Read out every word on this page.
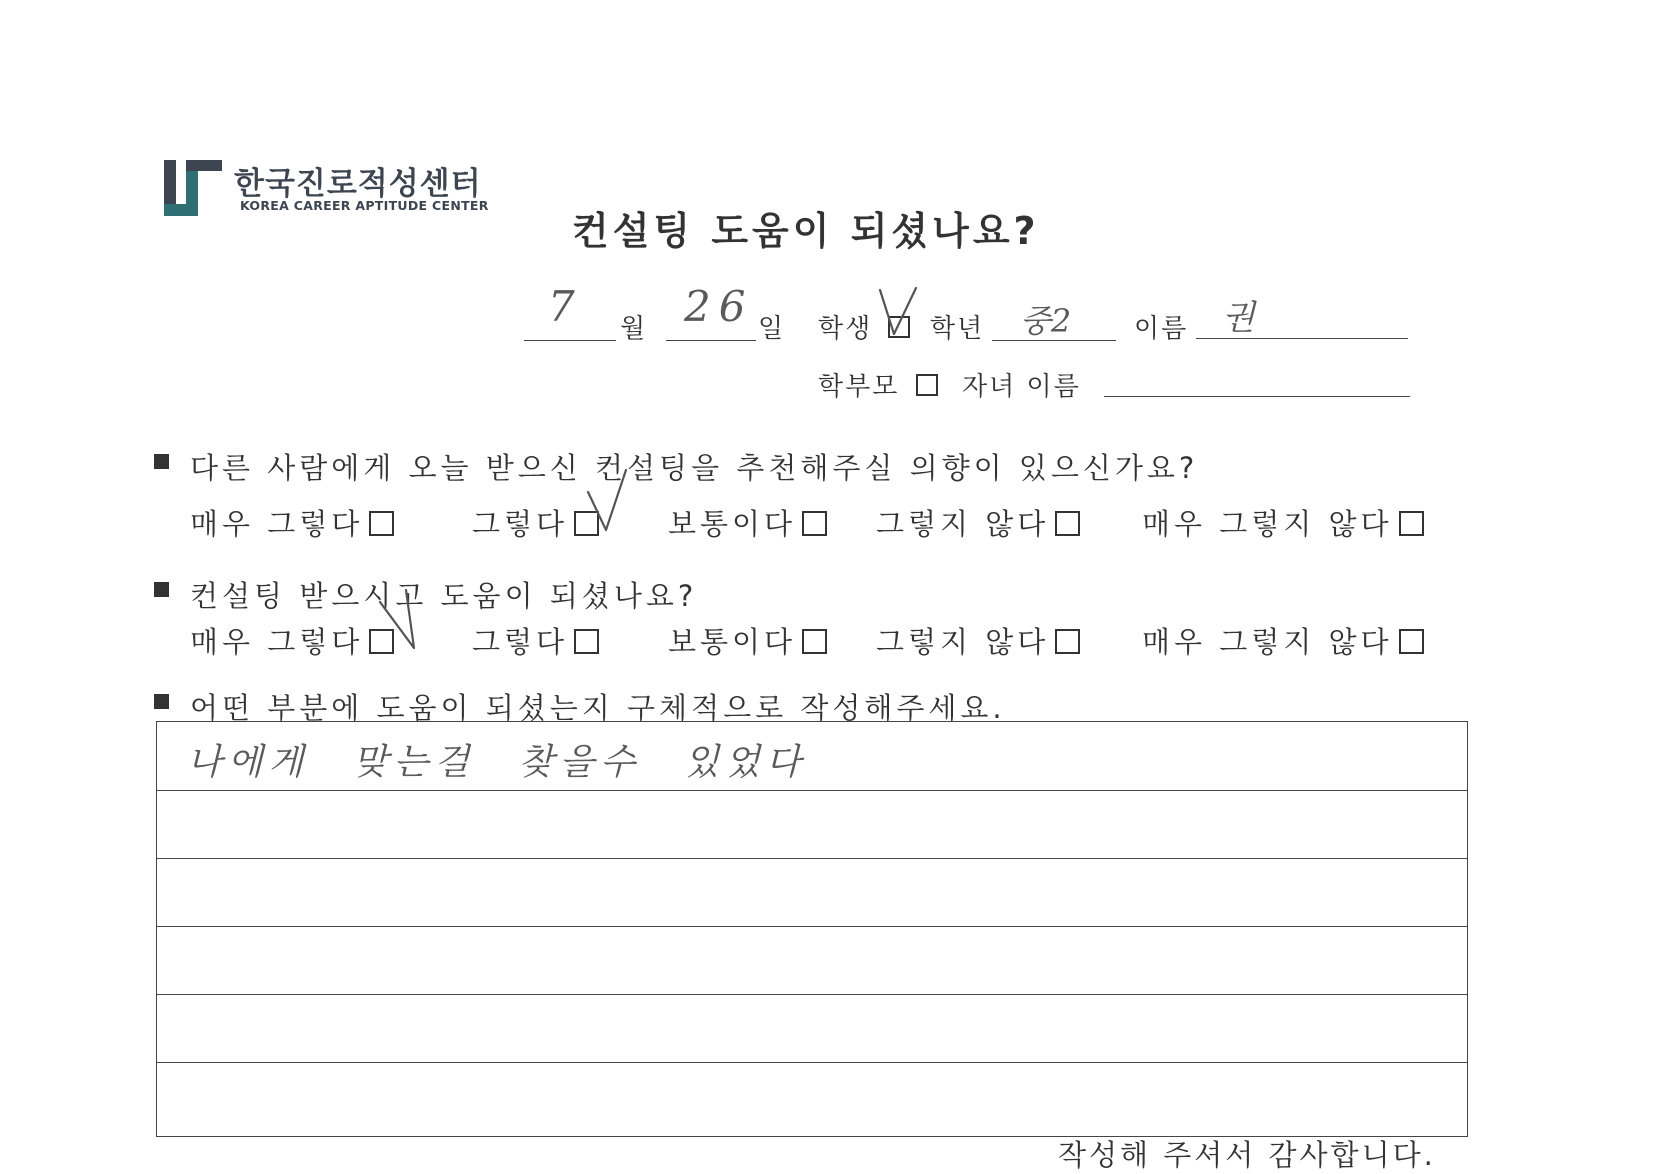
한국진로적성센터
KOREA CAREER APTITUDE CENTER
컨설팅 도움이 되셨나요?
7 월 26 일 학생 학년 중2 이름 권
학부모 자녀 이름
다른 사람에게 오늘 받으신 컨설팅을 추천해주실 의향이 있으신가요?
매우 그렇다	그렇다	보통이다	그렇지 않다	매우 그렇지 않다
컨설팅 받으시고 도움이 되셨나요?
매우 그렇다	그렇다	보통이다	그렇지 않다	매우 그렇지 않다
어떤 부분에 도움이 되셨는지 구체적으로 작성해주세요.
나에게 맞는걸 찾을수 있었다
작성해 주셔서 감사합니다.
